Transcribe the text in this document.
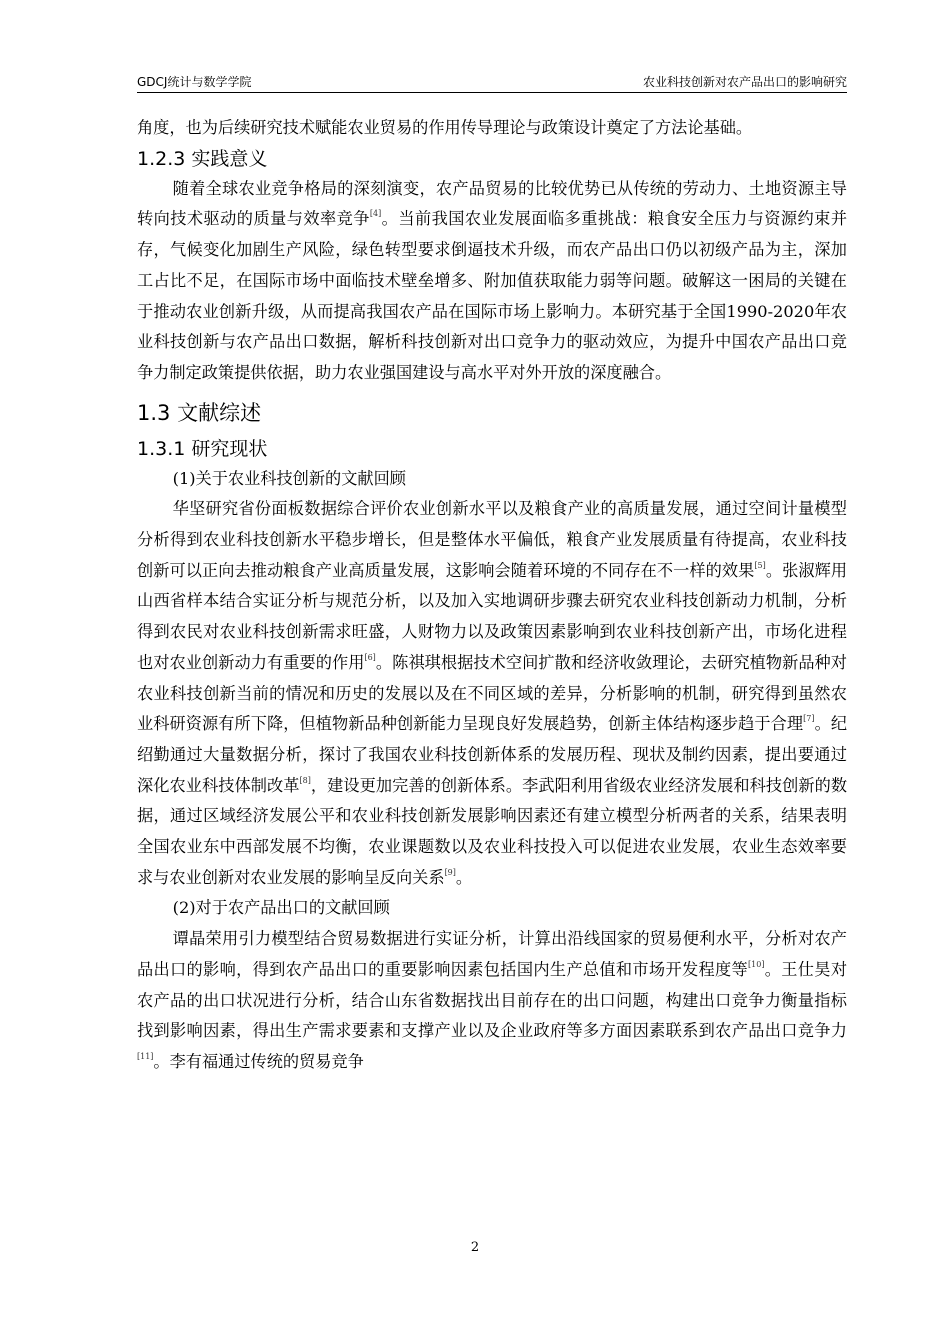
GDCJ统计与数学学院	农业科技创新对农产品出口的影响研究

角度，也为后续研究技术赋能农业贸易的作用传导理论与政策设计奠定了方法论基础。

1.2.3 实践意义

随着全球农业竞争格局的深刻演变，农产品贸易的比较优势已从传统的劳动力、土地资源主导转向技术驱动的质量与效率竞争[4]。当前我国农业发展面临多重挑战：粮食安全压力与资源约束并存，气候变化加剧生产风险，绿色转型要求倒逼技术升级，而农产品出口仍以初级产品为主，深加工占比不足，在国际市场中面临技术壁垒增多、附加值获取能力弱等问题。破解这一困局的关键在于推动农业创新升级，从而提高我国农产品在国际市场上影响力。本研究基于全国1990-2020年农业科技创新与农产品出口数据，解析科技创新对出口竞争力的驱动效应，为提升中国农产品出口竞争力制定政策提供依据，助力农业强国建设与高水平对外开放的深度融合。

1.3 文献综述
1.3.1 研究现状

(1)关于农业科技创新的文献回顾

华坚研究省份面板数据综合评价农业创新水平以及粮食产业的高质量发展，通过空间计量模型分析得到农业科技创新水平稳步增长，但是整体水平偏低，粮食产业发展质量有待提高，农业科技创新可以正向去推动粮食产业高质量发展，这影响会随着环境的不同存在不一样的效果[5]。张淑辉用山西省样本结合实证分析与规范分析，以及加入实地调研步骤去研究农业科技创新动力机制，分析得到农民对农业科技创新需求旺盛，人财物力以及政策因素影响到农业科技创新产出，市场化进程也对农业创新动力有重要的作用[6]。陈祺琪根据技术空间扩散和经济收敛理论，去研究植物新品种对农业科技创新当前的情况和历史的发展以及在不同区域的差异，分析影响的机制，研究得到虽然农业科研资源有所下降，但植物新品种创新能力呈现良好发展趋势，创新主体结构逐步趋于合理[7]。纪绍勤通过大量数据分析，探讨了我国农业科技创新体系的发展历程、现状及制约因素，提出要通过深化农业科技体制改革[8]，建设更加完善的创新体系。李武阳利用省级农业经济发展和科技创新的数据，通过区域经济发展公平和农业科技创新发展影响因素还有建立模型分析两者的关系，结果表明全国农业东中西部发展不均衡，农业课题数以及农业科技投入可以促进农业发展，农业生态效率要求与农业创新对农业发展的影响呈反向关系[9]。

(2)对于农产品出口的文献回顾

谭晶荣用引力模型结合贸易数据进行实证分析，计算出沿线国家的贸易便利水平，分析对农产品出口的影响，得到农产品出口的重要影响因素包括国内生产总值和市场开发程度等[10]。王仕昊对农产品的出口状况进行分析，结合山东省数据找出目前存在的出口问题，构建出口竞争力衡量指标找到影响因素，得出生产需求要素和支撑产业以及企业政府等多方面因素联系到农产品出口竞争力[11]。李有福通过传统的贸易竞争

2
